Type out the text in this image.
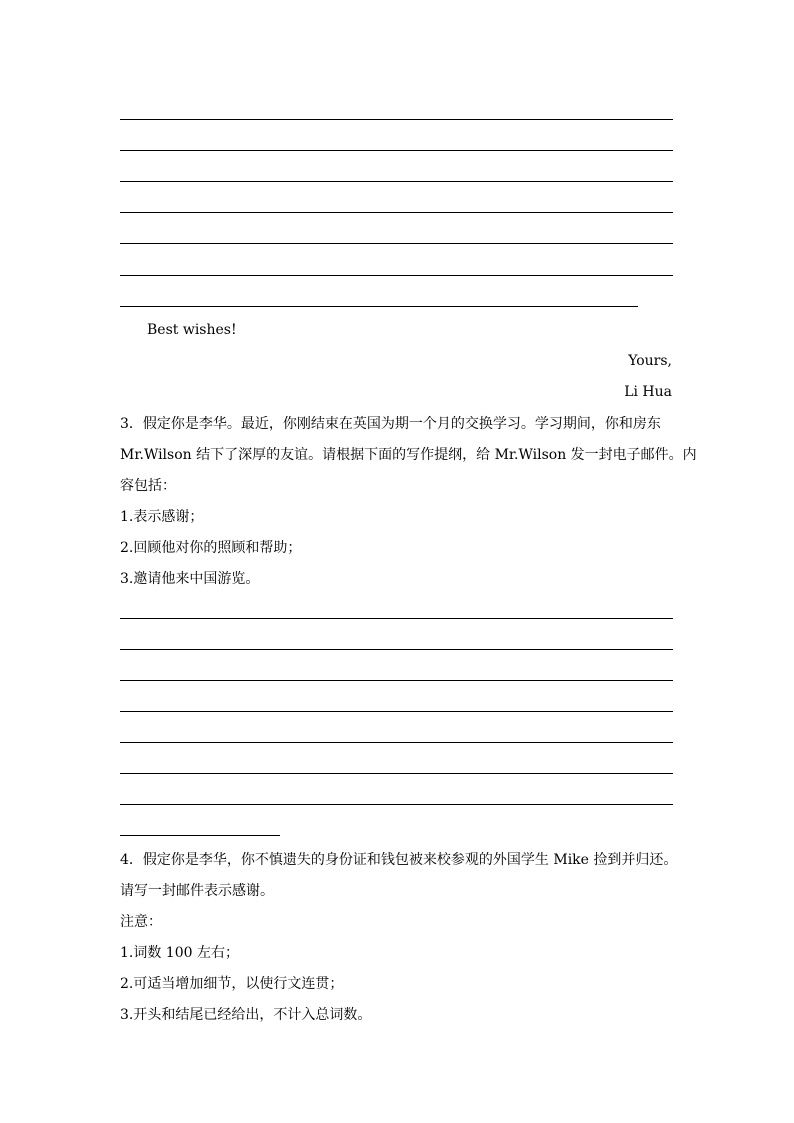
Best wishes!
Yours,
Li Hua
3．假定你是李华。最近，你刚结束在英国为期一个月的交换学习。学习期间，你和房东
Mr.Wilson 结下了深厚的友谊。请根据下面的写作提纲，给 Mr.Wilson 发一封电子邮件。内
容包括：
1.表示感谢；
2.回顾他对你的照顾和帮助；
3.邀请他来中国游览。
4．假定你是李华，你不慎遗失的身份证和钱包被来校参观的外国学生 Mike 捡到并归还。
请写一封邮件表示感谢。
注意：
1.词数 100 左右；
2.可适当增加细节，以使行文连贯；
3.开头和结尾已经给出，不计入总词数。
